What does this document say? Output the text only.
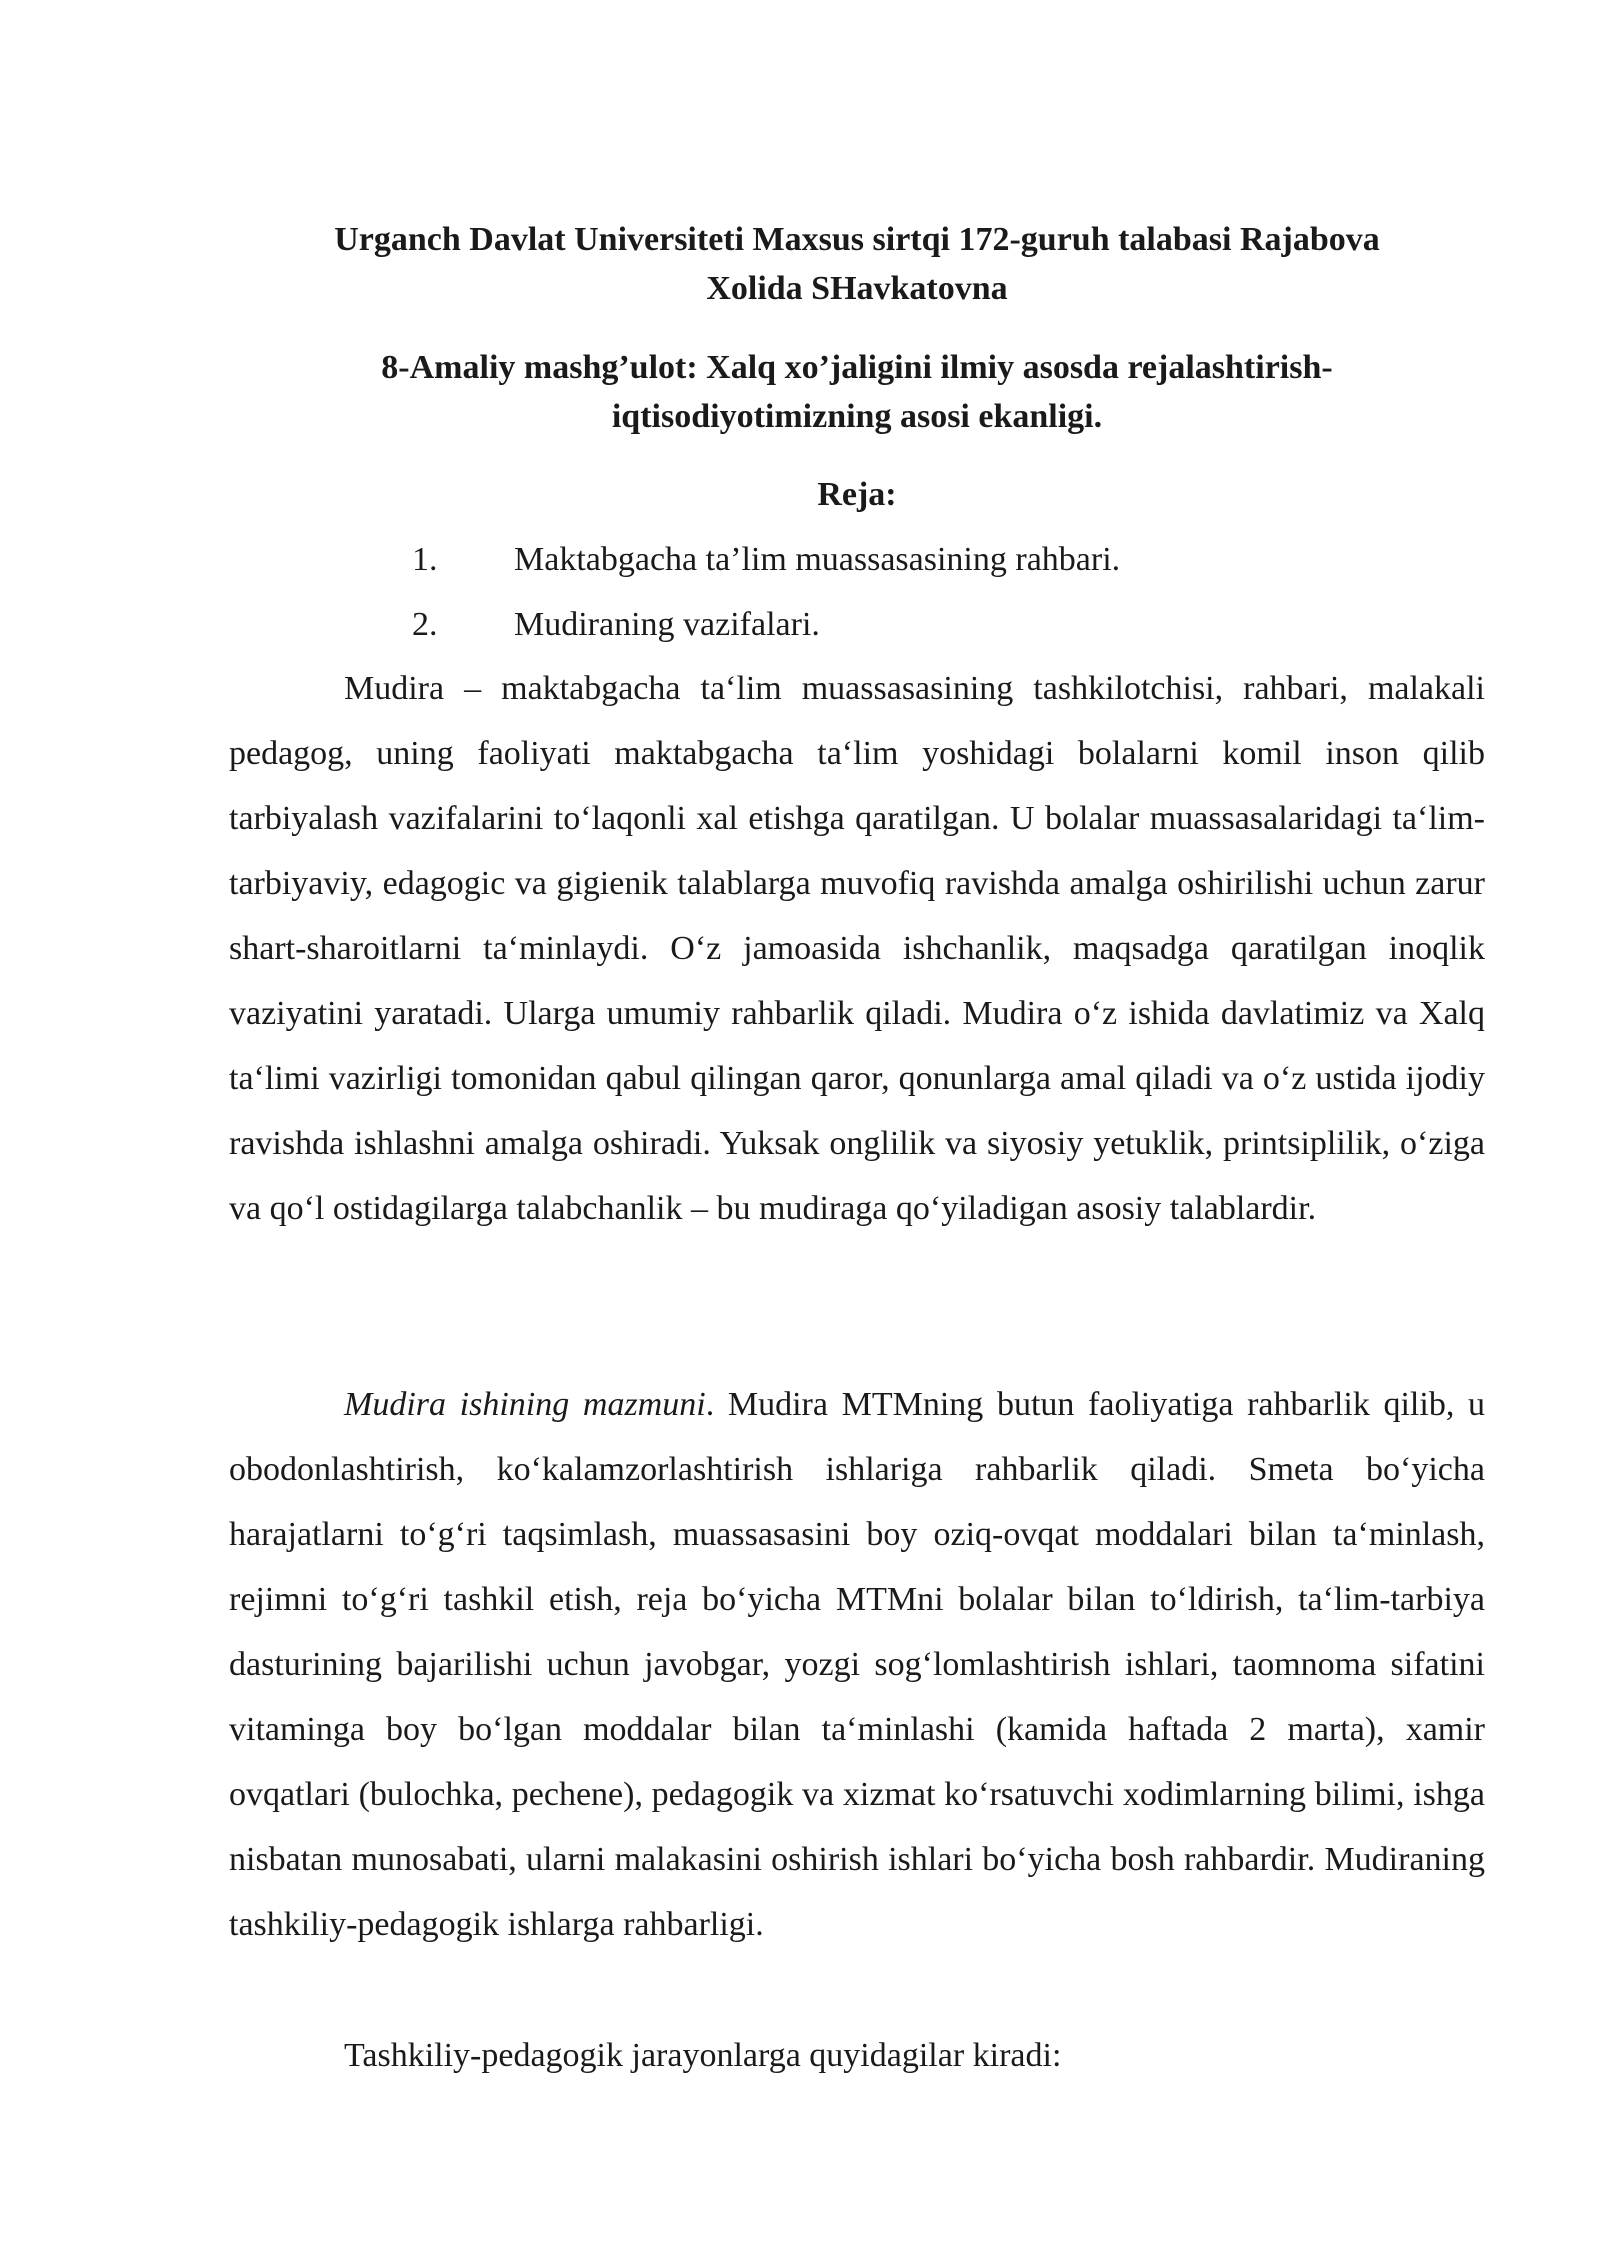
Urganch Davlat Universiteti Maxsus sirtqi 172-guruh talabasi Rajabova
Xolida SHavkatovna
8-Amaliy mashg’ulot: Xalq xo’jaligini ilmiy asosda rejalashtirish-
iqtisodiyotimizning asosi ekanligi.
Reja:
1. Maktabgacha ta’lim muassasasining rahbari.
2. Mudiraning vazifalari.

Mudira – maktabgacha ta‘lim muassasasining tashkilotchisi, rahbari, malakali pedagog, uning faoliyati maktabgacha ta‘lim yoshidagi bolalarni komil inson qilib tarbiyalash vazifalarini to‘laqonli xal etishga qaratilgan. U bolalar muassasalaridagi ta‘lim-tarbiyaviy, edagogic va gigienik talablarga muvofiq ravishda amalga oshirilishi uchun zarur shart-sharoitlarni ta‘minlaydi. O‘z jamoasida ishchanlik, maqsadga qaratilgan inoqlik vaziyatini yaratadi. Ularga umumiy rahbarlik qiladi. Mudira o‘z ishida davlatimiz va Xalq ta‘limi vazirligi tomonidan qabul qilingan qaror, qonunlarga amal qiladi va o‘z ustida ijodiy ravishda ishlashni amalga oshiradi. Yuksak onglilik va siyosiy yetuklik, printsiplilik, o‘ziga va qo‘l ostidagilarga talabchanlik – bu mudiraga qo‘yiladigan asosiy talablardir.

Mudira ishining mazmuni. Mudira MTMning butun faoliyatiga rahbarlik qilib, u obodonlashtirish, ko‘kalamzorlashtirish ishlariga rahbarlik qiladi. Smeta bo‘yicha harajatlarni to‘g‘ri taqsimlash, muassasasini boy oziq-ovqat moddalari bilan ta‘minlash, rejimni to‘g‘ri tashkil etish, reja bo‘yicha MTMni bolalar bilan to‘ldirish, ta‘lim-tarbiya dasturining bajarilishi uchun javobgar, yozgi sog‘lomlashtirish ishlari, taomnoma sifatini vitaminga boy bo‘lgan moddalar bilan ta‘minlashi (kamida haftada 2 marta), xamir ovqatlari (bulochka, pechene), pedagogik va xizmat ko‘rsatuvchi xodimlarning bilimi, ishga nisbatan munosabati, ularni malakasini oshirish ishlari bo‘yicha bosh rahbardir. Mudiraning tashkiliy-pedagogik ishlarga rahbarligi.

Tashkiliy-pedagogik jarayonlarga quyidagilar kiradi:
